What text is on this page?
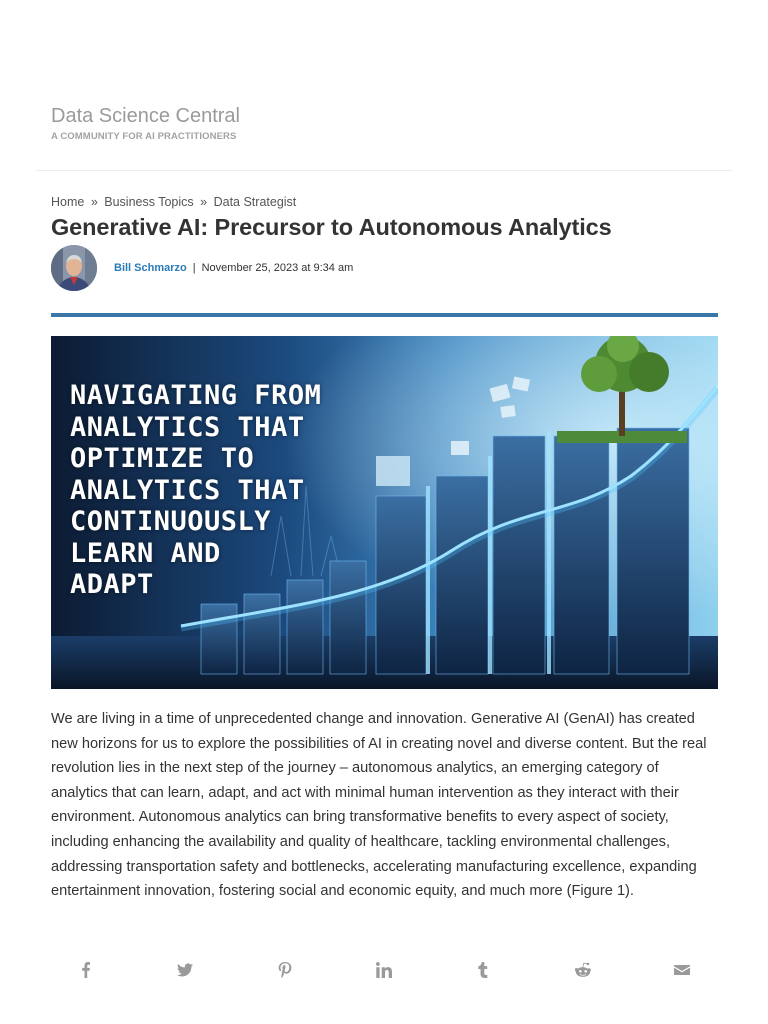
Data Science Central
A COMMUNITY FOR AI PRACTITIONERS
Home » Business Topics » Data Strategist
Generative AI: Precursor to Autonomous Analytics
Bill Schmarzo | November 25, 2023 at 9:34 am
NAVIGATING FROM
ANALYTICS THAT
OPTIMIZE TO
ANALYTICS THAT
CONTINUOUSLY
LEARN AND
ADAPT

We are living in a time of unprecedented change and innovation. Generative AI (GenAI) has created new horizons for us to explore the possibilities of AI in creating novel and diverse content. But the real revolution lies in the next step of the journey – autonomous analytics, an emerging category of analytics that can learn, adapt, and act with minimal human intervention as they interact with their environment. Autonomous analytics can bring transformative benefits to every aspect of society, including enhancing the availability and quality of healthcare, tackling environmental challenges, addressing transportation safety and bottlenecks, accelerating manufacturing excellence, expanding entertainment innovation, fostering social and economic equity, and much more (Figure 1).
